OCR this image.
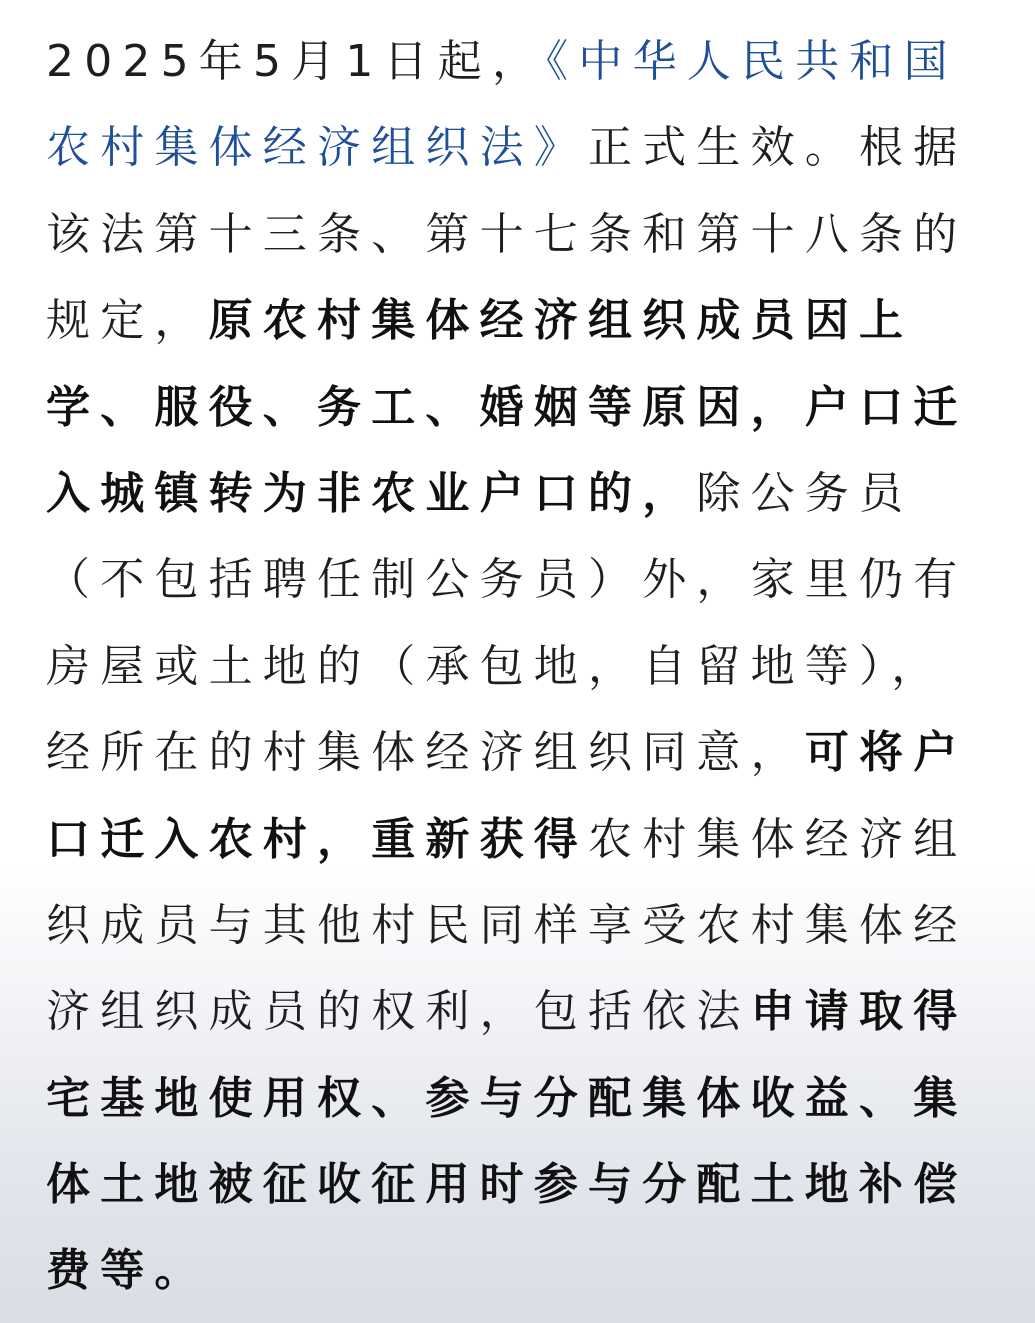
2025年5月1日起，《中华人民共和国
农村集体经济组织法》正式生效。根据
该法第十三条、第十七条和第十八条的
规定，原农村集体经济组织成员因上
学、服役、务工、婚姻等原因，户口迁
入城镇转为非农业户口的，除公务员
（不包括聘任制公务员）外，家里仍有
房屋或土地的（承包地，自留地等），
经所在的村集体经济组织同意，可将户
口迁入农村，重新获得农村集体经济组
织成员与其他村民同样享受农村集体经
济组织成员的权利，包括依法申请取得
宅基地使用权、参与分配集体收益、集
体土地被征收征用时参与分配土地补偿
费等。
